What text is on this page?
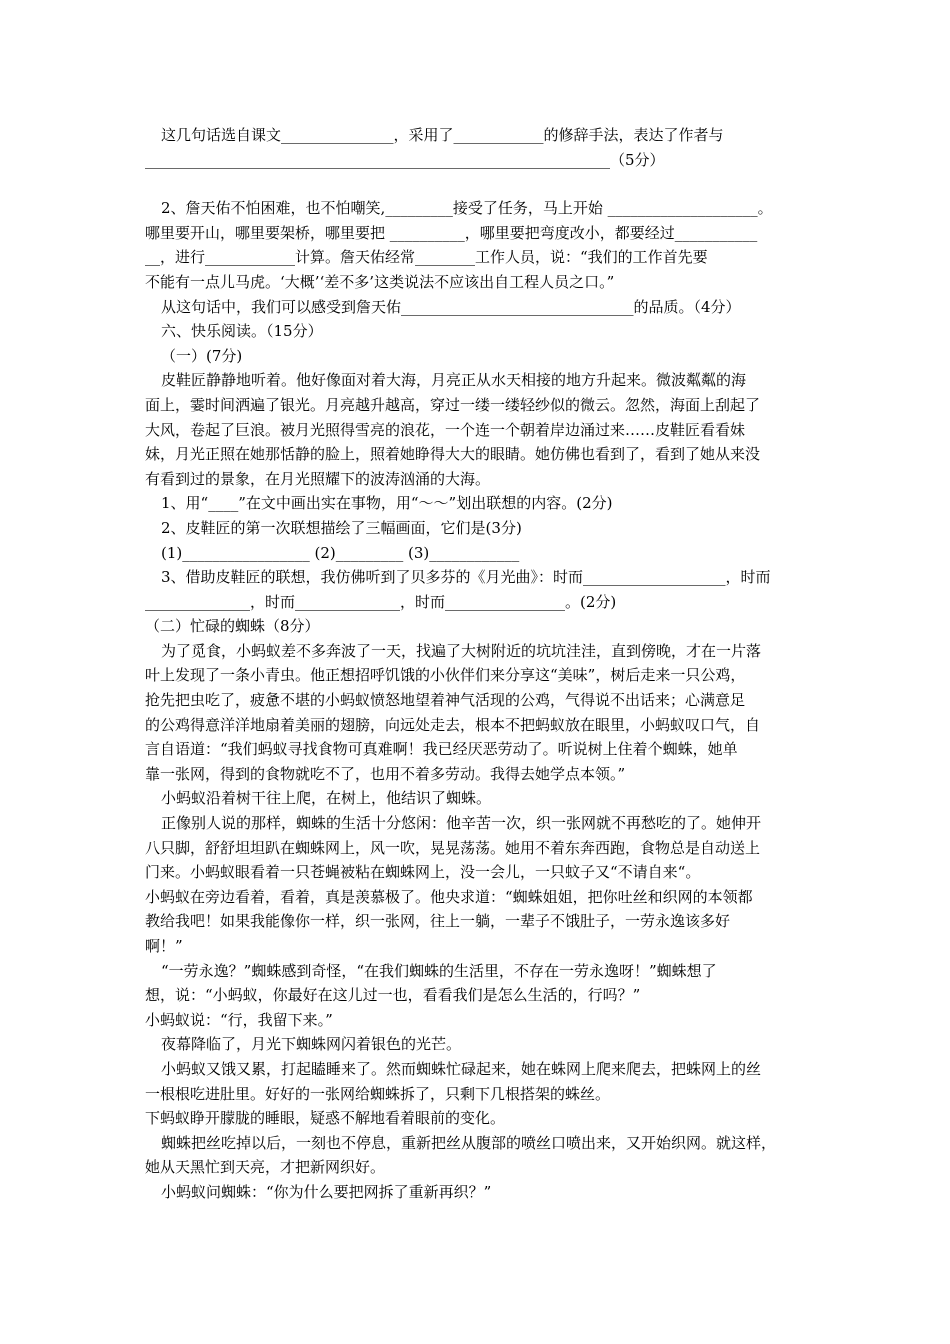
这几句话选自课文_______________，采用了____________的修辞手法，表达了作者与
______________________________________________________________（5分）
2、詹天佑不怕困难，也不怕嘲笑,_________接受了任务，马上开始 ____________________。
哪里要开山，哪里要架桥，哪里要把 __________，哪里要把弯度改小，都要经过___________
__，进行____________计算。詹天佑经常________工作人员，说：“我们的工作首先要
不能有一点儿马虎。‘大概’‘差不多’这类说法不应该出自工程人员之口。”
从这句话中，我们可以感受到詹天佑_______________________________的品质。（4分）
六、快乐阅读。（15分）
（一）(7分)
皮鞋匠静静地听着。他好像面对着大海，月亮正从水天相接的地方升起来。微波粼粼的海
面上，霎时间洒遍了银光。月亮越升越高，穿过一缕一缕轻纱似的微云。忽然，海面上刮起了
大风，卷起了巨浪。被月光照得雪亮的浪花，一个连一个朝着岸边涌过来……皮鞋匠看看妹
妹，月光正照在她那恬静的脸上，照着她睁得大大的眼睛。她仿佛也看到了，看到了她从来没
有看到过的景象，在月光照耀下的波涛汹涌的大海。
1、用“____”在文中画出实在事物，用“～～”划出联想的内容。(2分)
2、皮鞋匠的第一次联想描绘了三幅画面，它们是(3分)
(1)_________________ (2)_________ (3)____________
3、借助皮鞋匠的联想，我仿佛听到了贝多芬的《月光曲》：时而___________________，时而
______________，时而______________，时而________________。(2分)
（二）忙碌的蜘蛛（8分）
为了觅食，小蚂蚁差不多奔波了一天，找遍了大树附近的坑坑洼洼，直到傍晚，才在一片落
叶上发现了一条小青虫。他正想招呼饥饿的小伙伴们来分享这“美味”，树后走来一只公鸡，
抢先把虫吃了，疲惫不堪的小蚂蚁愤怒地望着神气活现的公鸡，气得说不出话来；心满意足
的公鸡得意洋洋地扇着美丽的翅膀，向远处走去，根本不把蚂蚁放在眼里，小蚂蚁叹口气，自
言自语道：“我们蚂蚁寻找食物可真难啊！我已经厌恶劳动了。听说树上住着个蜘蛛，她单
靠一张网，得到的食物就吃不了，也用不着多劳动。我得去她学点本领。”
小蚂蚁沿着树干往上爬，在树上，他结识了蜘蛛。
正像别人说的那样，蜘蛛的生活十分悠闲：他辛苦一次，织一张网就不再愁吃的了。她伸开
八只脚，舒舒坦坦趴在蜘蛛网上，风一吹，晃晃荡荡。她用不着东奔西跑，食物总是自动送上
门来。小蚂蚁眼看着一只苍蝇被粘在蜘蛛网上，没一会儿，一只蚊子又“不请自来“。
小蚂蚁在旁边看着，看着，真是羡慕极了。他央求道：“蜘蛛姐姐，把你吐丝和织网的本领都
教给我吧！如果我能像你一样，织一张网，往上一躺，一辈子不饿肚子，一劳永逸该多好
啊！”
“一劳永逸？”蜘蛛感到奇怪，“在我们蜘蛛的生活里，不存在一劳永逸呀！”蜘蛛想了
想，说：“小蚂蚁，你最好在这儿过一也，看看我们是怎么生活的，行吗？”
小蚂蚁说：“行，我留下来。”
夜幕降临了，月光下蜘蛛网闪着银色的光芒。
小蚂蚁又饿又累，打起瞌睡来了。然而蜘蛛忙碌起来，她在蛛网上爬来爬去，把蛛网上的丝
一根根吃进肚里。好好的一张网给蜘蛛拆了，只剩下几根搭架的蛛丝。
下蚂蚁睁开朦胧的睡眼，疑惑不解地看着眼前的变化。
蜘蛛把丝吃掉以后，一刻也不停息，重新把丝从腹部的喷丝口喷出来，又开始织网。就这样，
她从天黑忙到天亮，才把新网织好。
小蚂蚁问蜘蛛：“你为什么要把网拆了重新再织？”
